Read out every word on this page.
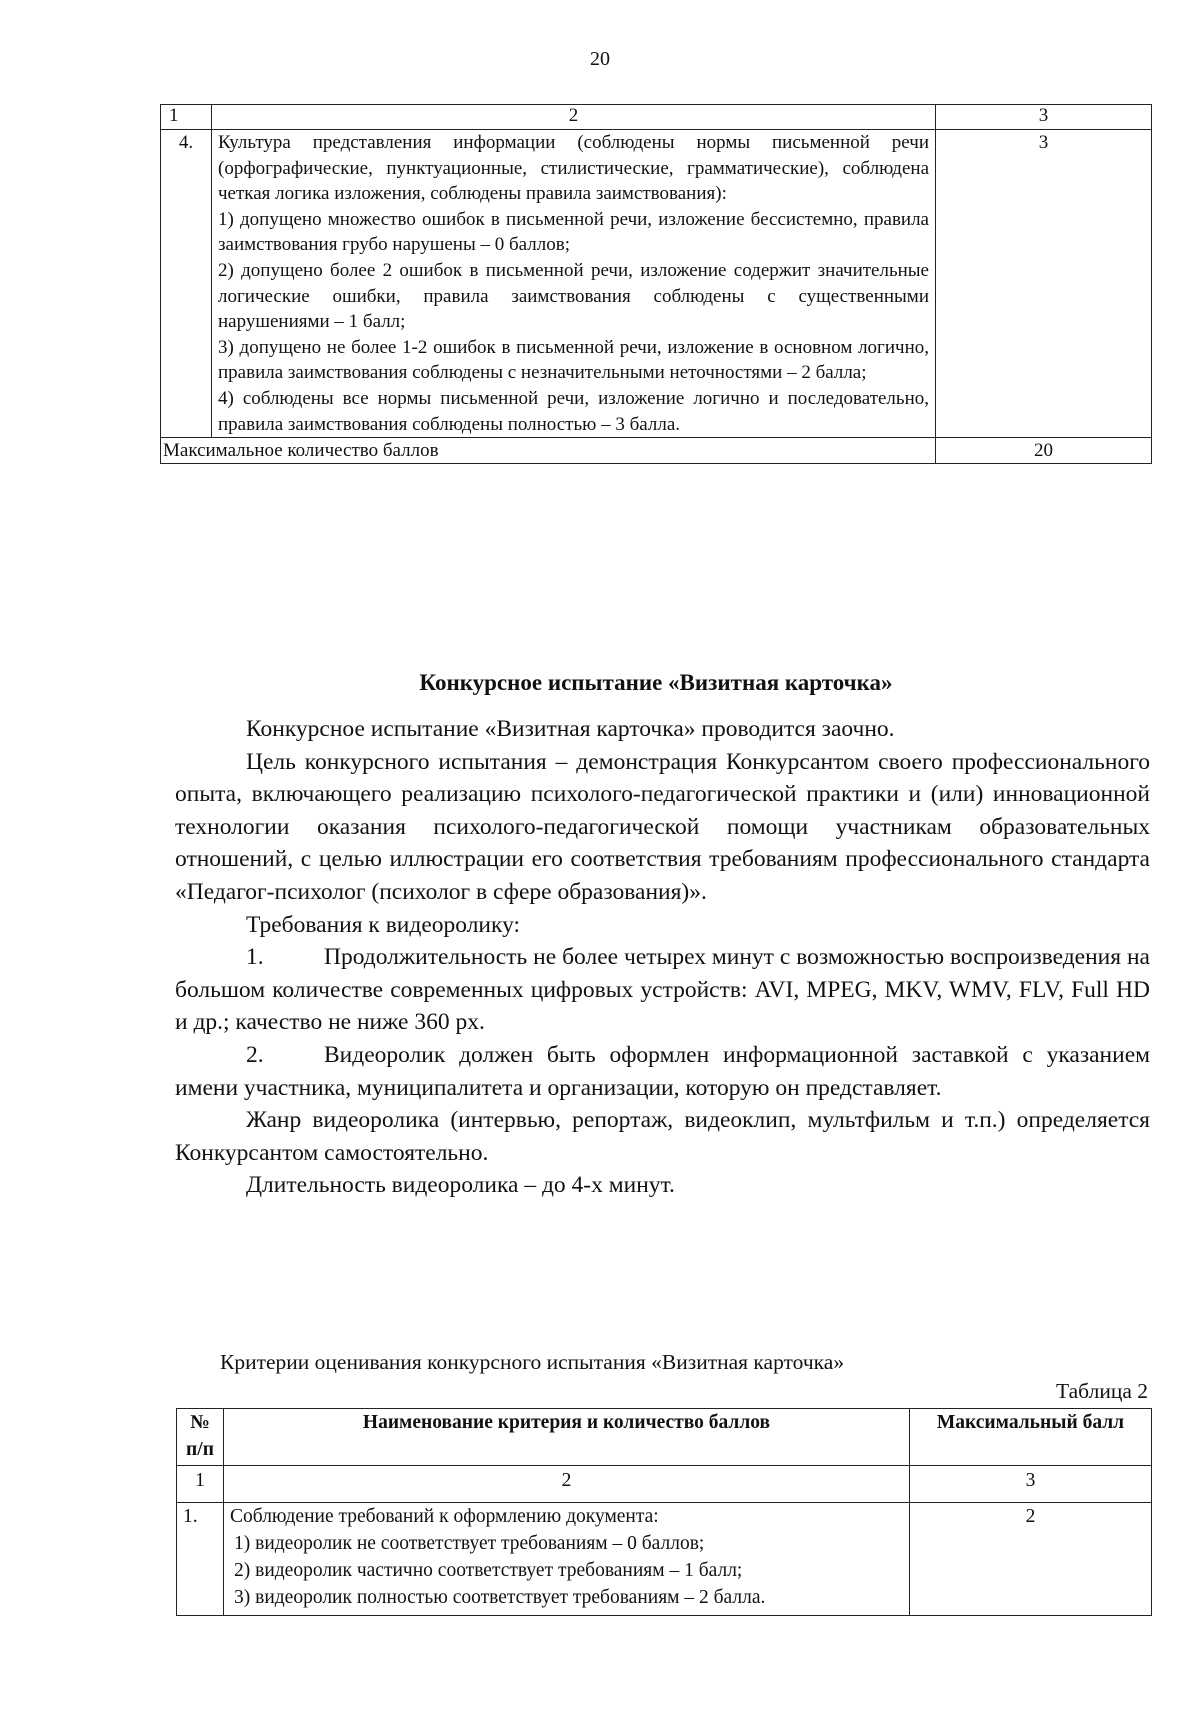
20
1	2	3
4.	Культура представления информации (соблюдены нормы письменной речи (орфографические, пунктуационные, стилистические, грамматические), соблюдена четкая логика изложения, соблюдены правила заимствования):

1) допущено множество ошибок в письменной речи, изложение бессистемно, правила заимствования грубо нарушены – 0 баллов;

2) допущено более 2 ошибок в письменной речи, изложение содержит значительные логические ошибки, правила заимствования соблюдены с существенными нарушениями – 1 балл;

3) допущено не более 1-2 ошибок в письменной речи, изложение в основном логично, правила заимствования соблюдены с незначительными неточностями – 2 балла;

4) соблюдены все нормы письменной речи, изложение логично и последовательно, правила заимствования соблюдены полностью – 3 балла.	3
Максимальное количество баллов		20
Конкурсное испытание «Визитная карточка»

Конкурсное испытание «Визитная карточка» проводится заочно.

Цель конкурсного испытания – демонстрация Конкурсантом своего профессионального опыта, включающего реализацию психолого-педагогической практики и (или) инновационной технологии оказания психолого-педагогической помощи участникам образовательных отношений, с целью иллюстрации его соответствия требованиям профессионального стандарта «Педагог-психолог (психолог в сфере образования)».

Требования к видеоролику:

1.	Продолжительность не более четырех минут с возможностью воспроизведения на большом количестве современных цифровых устройств: AVI, MPEG, MKV, WMV, FLV, Full HD и др.; качество не ниже 360 px.

2.	Видеоролик должен быть оформлен информационной заставкой с указанием имени участника, муниципалитета и организации, которую он представляет.

Жанр видеоролика (интервью, репортаж, видеоклип, мультфильм и т.п.) определяется Конкурсантом самостоятельно.

Длительность видеоролика – до 4-х минут.

Критерии оценивания конкурсного испытания «Визитная карточка»
Таблица 2
№ п/п	Наименование критерия и количество баллов	Максимальный балл
1	2	3
1.	Соблюдение требований к оформлению документа:

1) видеоролик не соответствует требованиям – 0 баллов;

2) видеоролик частично соответствует требованиям – 1 балл;

3) видеоролик полностью соответствует требованиям – 2 балла.	2
